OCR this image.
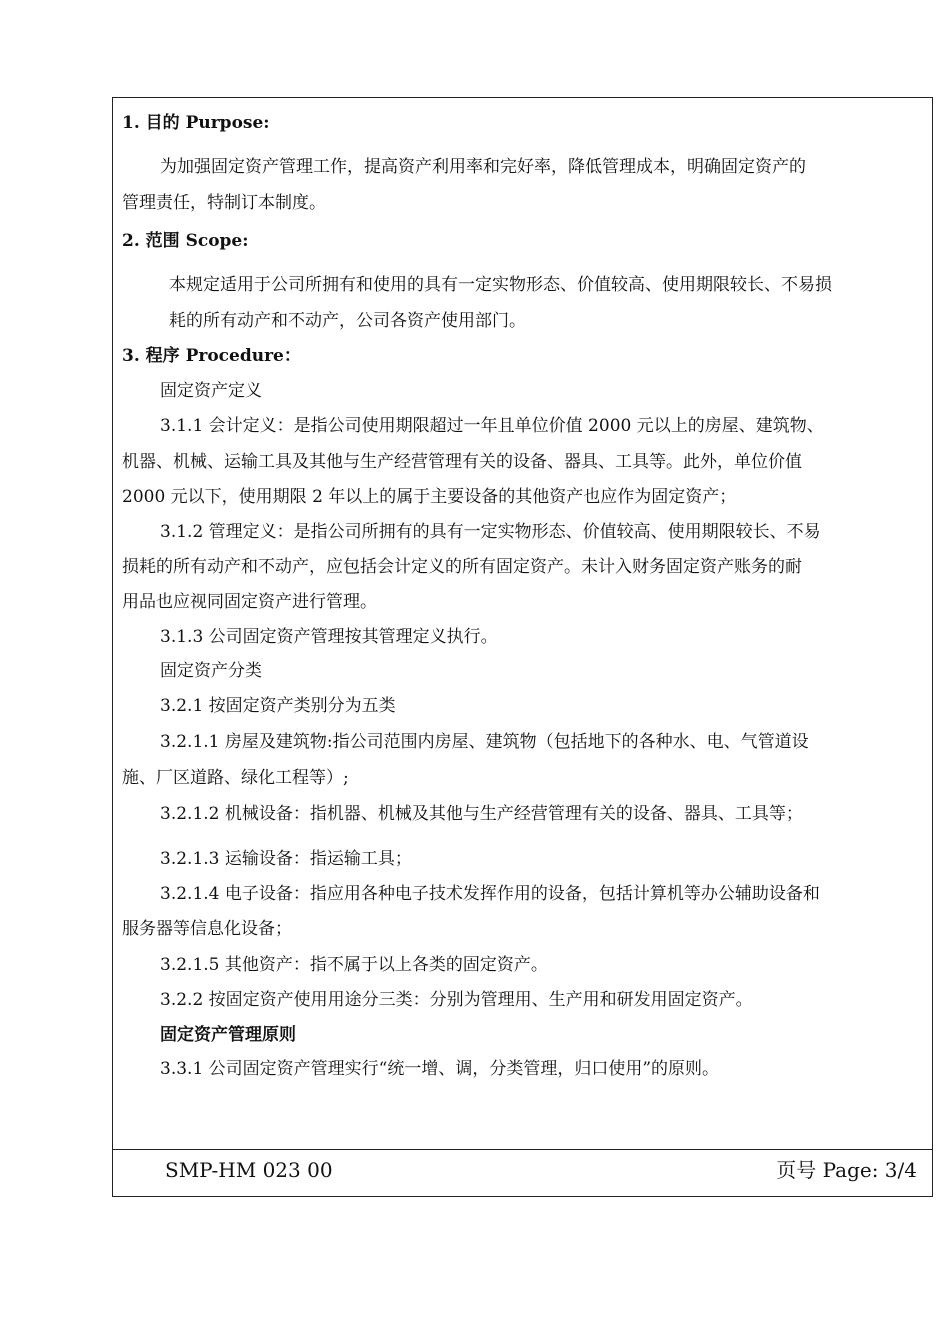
1. 目的 Purpose:
为加强固定资产管理工作，提高资产利用率和完好率，降低管理成本，明确固定资产的
管理责任，特制订本制度。
2. 范围 Scope:
本规定适用于公司所拥有和使用的具有一定实物形态、价值较高、使用期限较长、不易损
耗的所有动产和不动产，公司各资产使用部门。
3. 程序 Procedure：
固定资产定义
3.1.1 会计定义：是指公司使用期限超过一年且单位价值 2000 元以上的房屋、建筑物、
机器、机械、运输工具及其他与生产经营管理有关的设备、器具、工具等。此外，单位价值
2000 元以下，使用期限 2 年以上的属于主要设备的其他资产也应作为固定资产；
3.1.2 管理定义：是指公司所拥有的具有一定实物形态、价值较高、使用期限较长、不易
损耗的所有动产和不动产，应包括会计定义的所有固定资产。未计入财务固定资产账务的耐
用品也应视同固定资产进行管理。
3.1.3 公司固定资产管理按其管理定义执行。
固定资产分类
3.2.1 按固定资产类别分为五类
3.2.1.1 房屋及建筑物:指公司范围内房屋、建筑物（包括地下的各种水、电、气管道设
施、厂区道路、绿化工程等）;
3.2.1.2 机械设备：指机器、机械及其他与生产经营管理有关的设备、器具、工具等；
3.2.1.3 运输设备：指运输工具；
3.2.1.4 电子设备：指应用各种电子技术发挥作用的设备，包括计算机等办公辅助设备和
服务器等信息化设备；
3.2.1.5 其他资产：指不属于以上各类的固定资产。
3.2.2 按固定资产使用用途分三类：分别为管理用、生产用和研发用固定资产。
固定资产管理原则
3.3.1 公司固定资产管理实行“统一增、调，分类管理，归口使用”的原则。
SMP-HM 023 00	页号 Page: 3/4
